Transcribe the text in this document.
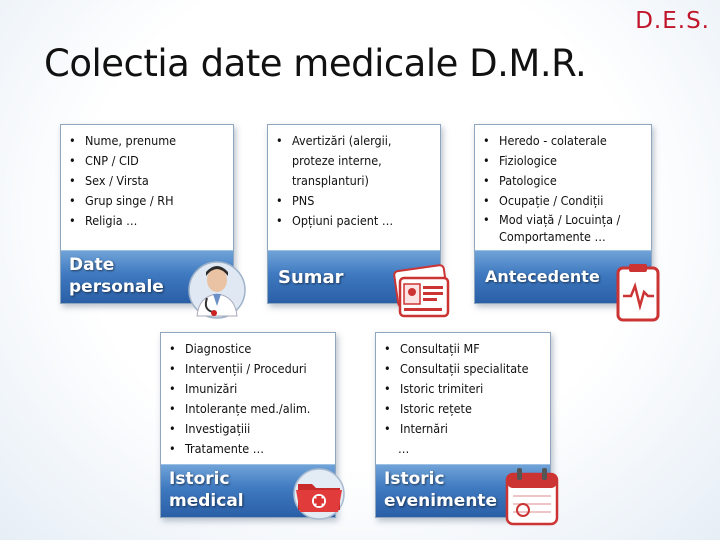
D.E.S.
Colectia date medicale D.M.R.
• Nume, prenume
• CNP / CID
• Sex / Virsta
• Grup singe / RH
• Religia …
Date
personale
• Avertizări (alergii, proteze interne, transplanturi)
• PNS
• Opțiuni pacient …
Sumar
• Heredo - colaterale
• Fiziologice
• Patologice
• Ocupație / Condiții
• Mod viață / Locuința / Comportamente …
Antecedente
• Diagnostice
• Intervenții / Proceduri
• Imunizări
• Intoleranțe med./alim.
• Investigațiii
• Tratamente …
Istoric
medical
• Consultații MF
• Consultații specialitate
• Istoric trimiteri
• Istoric rețete
• Internări
…
Istoric
evenimente
